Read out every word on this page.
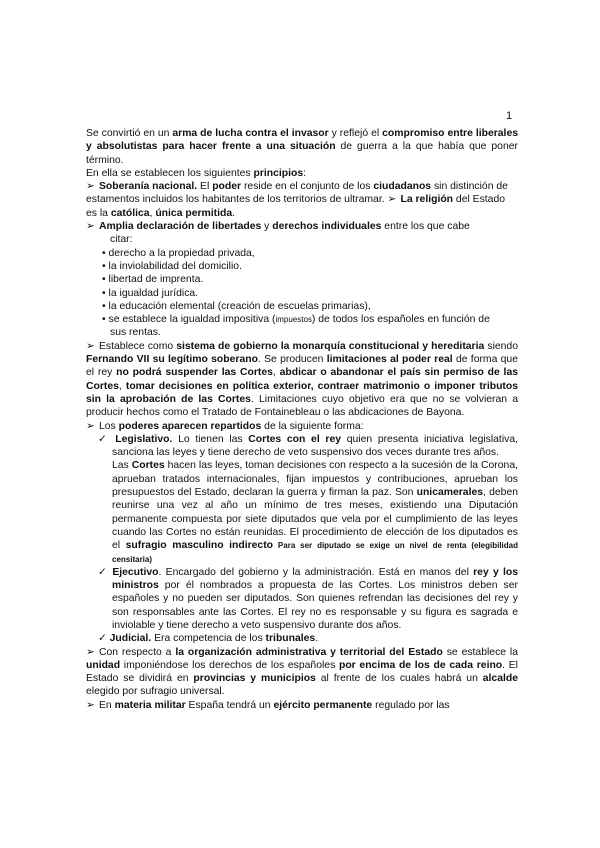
1

Se convirtió en un arma de lucha contra el invasor y reflejó el compromiso entre liberales y absolutistas para hacer frente a una situación de guerra a la que había que poner término.

En ella se establecen los siguientes principios:

➢ Soberanía nacional. El poder reside en el conjunto de los ciudadanos sin distinción de estamentos incluidos los habitantes de los territorios de ultramar. ➢ La religión del Estado es la católica, única permitida.

➢ Amplia declaración de libertades y derechos individuales entre los que cabe

citar:

• derecho a la propiedad privada,

• la inviolabilidad del domicilio.

• libertad de imprenta.

• la igualdad jurídica.

• la educación elemental (creación de escuelas primarias),

• se establece la igualdad impositiva (impuestos) de todos los españoles en función de sus rentas.

➢ Establece como sistema de gobierno la monarquía constitucional y hereditaria siendo Fernando VII su legítimo soberano. Se producen limitaciones al poder real de forma que el rey no podrá suspender las Cortes, abdicar o abandonar el país sin permiso de las Cortes, tomar decisiones en política exterior, contraer matrimonio o imponer tributos sin la aprobación de las Cortes. Limitaciones cuyo objetivo era que no se volvieran a producir hechos como el Tratado de Fontainebleau o las abdicaciones de Bayona.

➢ Los poderes aparecen repartidos de la siguiente forma:

✓ Legislativo. Lo tienen las Cortes con el rey quien presenta iniciativa legislativa, sanciona las leyes y tiene derecho de veto suspensivo dos veces durante tres años.

Las Cortes hacen las leyes, toman decisiones con respecto a la sucesión de la Corona, aprueban tratados internacionales, fijan impuestos y contribuciones, aprueban los presupuestos del Estado, declaran la guerra y firman la paz. Son unicamerales, deben reunirse una vez al año un mínimo de tres meses, existiendo una Diputación permanente compuesta por siete diputados que vela por el cumplimiento de las leyes cuando las Cortes no están reunidas. El procedimiento de elección de los diputados es el sufragio masculino indirecto Para ser diputado se exige un nivel de renta (elegibilidad censitaria)

✓ Ejecutivo. Encargado del gobierno y la administración. Está en manos del rey y los ministros por él nombrados a propuesta de las Cortes. Los ministros deben ser españoles y no pueden ser diputados. Son quienes refrendan las decisiones del rey y son responsables ante las Cortes. El rey no es responsable y su figura es sagrada e inviolable y tiene derecho a veto suspensivo durante dos años.

✓ Judicial. Era competencia de los tribunales.

➢ Con respecto a la organización administrativa y territorial del Estado se establece la unidad imponiéndose los derechos de los españoles por encima de los de cada reino. El Estado se dividirá en provincias y municipios al frente de los cuales habrá un alcalde elegido por sufragio universal.

➢ En materia militar España tendrá un ejército permanente regulado por las
